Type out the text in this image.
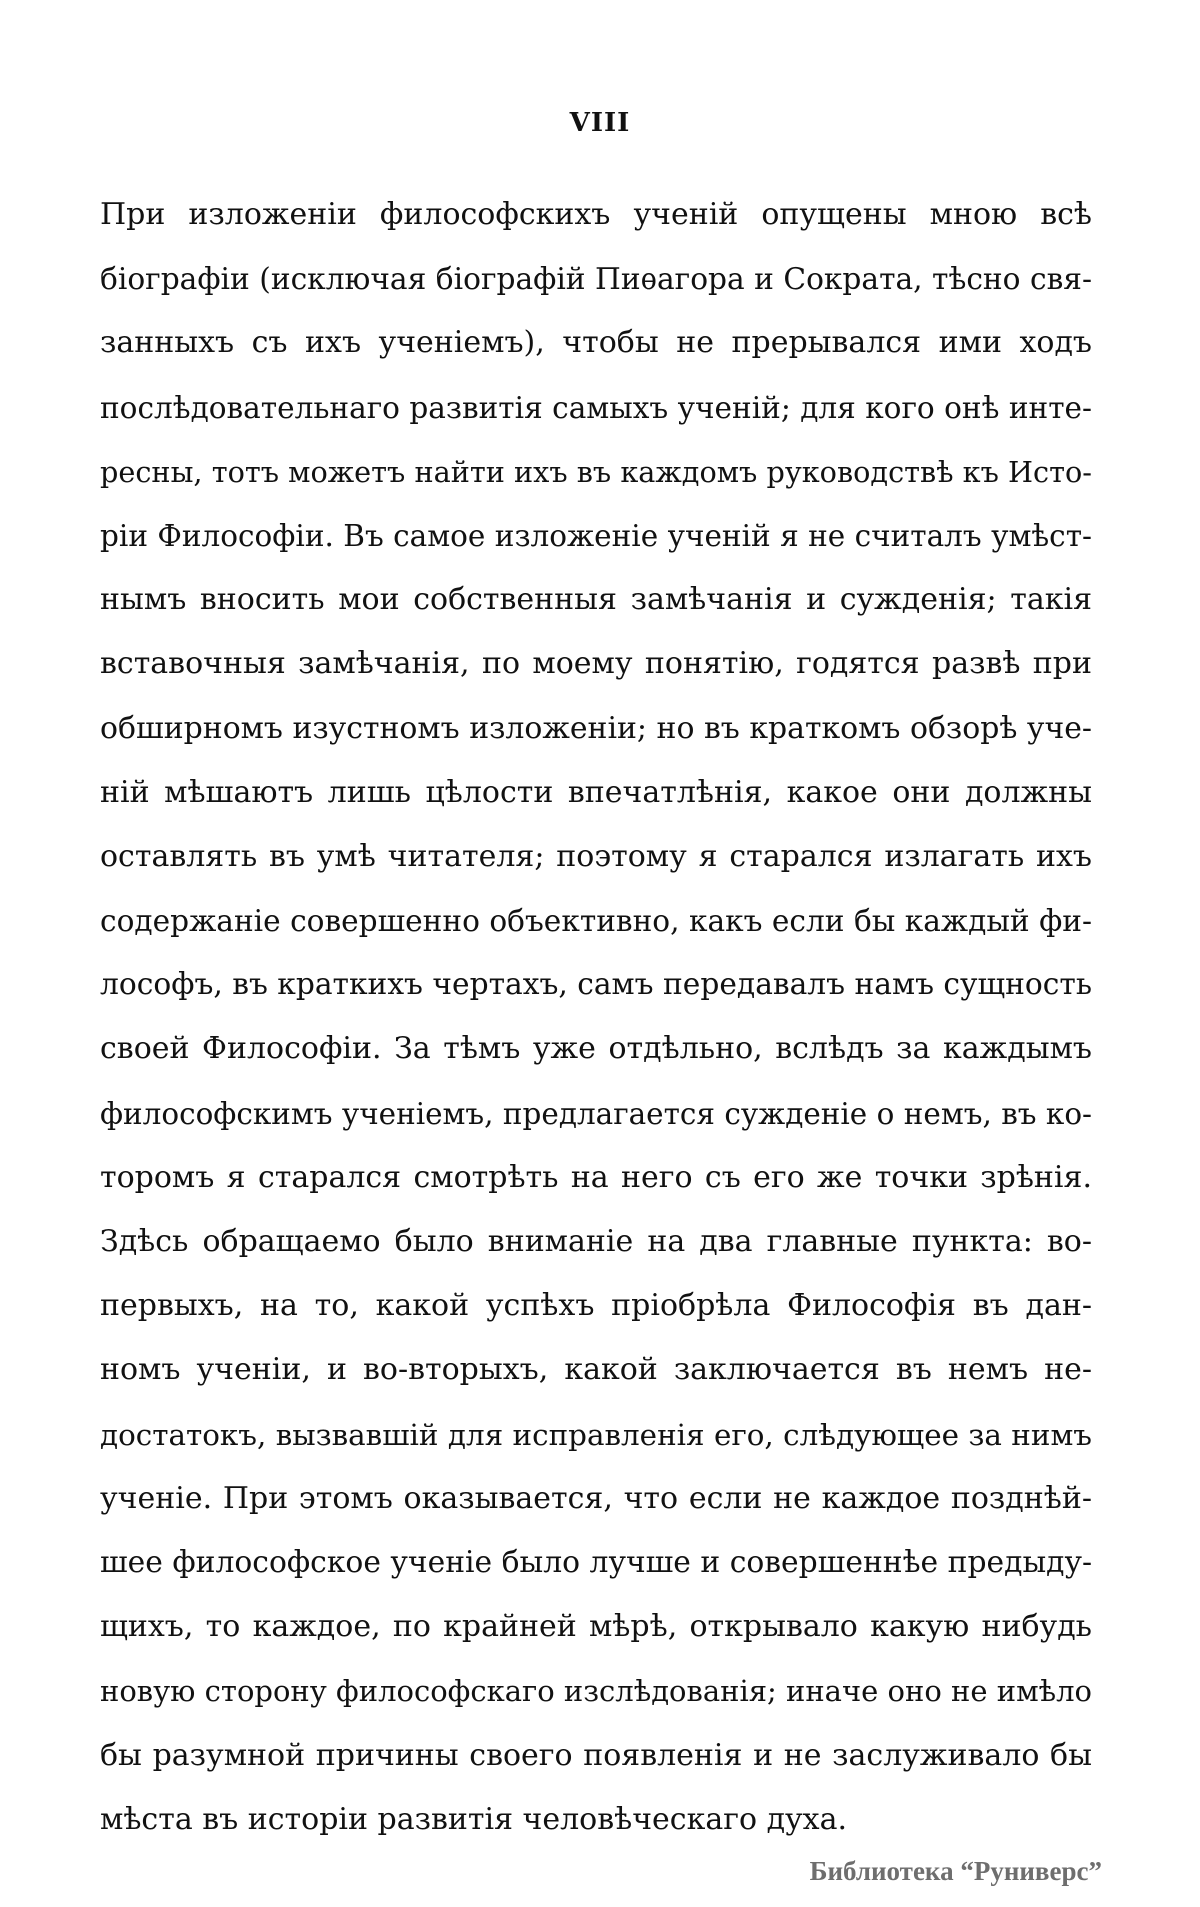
VIII
При изложенiи философскихъ ученiй опущены мною всѣ
бiографiи (исключая бiографiй Пиѳагора и Сократа, тѣсно свя-
занныхъ съ ихъ ученiемъ), чтобы не прерывался ими ходъ
послѣдовательнаго развитiя самыхъ ученiй; для кого онѣ инте-
ресны, тотъ можетъ найти ихъ въ каждомъ руководствѣ къ Исто-
рiи Философiи. Въ самое изложенiе ученiй я не считалъ умѣст-
нымъ вносить мои собственныя замѣчанiя и сужденiя; такiя
вставочныя замѣчанiя, по моему понятiю, годятся развѣ при
обширномъ изустномъ изложенiи; но въ краткомъ обзорѣ уче-
нiй мѣшаютъ лишь цѣлости впечатлѣнiя, какое они должны
оставлять въ умѣ читателя; поэтому я старался излагать ихъ
содержанiе совершенно объективно, какъ если бы каждый фи-
лософъ, въ краткихъ чертахъ, самъ передавалъ намъ сущность
своей Философiи. За тѣмъ уже отдѣльно, вслѣдъ за каждымъ
философскимъ ученiемъ, предлагается сужденiе о немъ, въ ко-
торомъ я старался смотрѣть на него съ его же точки зрѣнiя.
Здѣсь обращаемо было вниманiе на два главные пункта: во-
первыхъ, на то, какой успѣхъ прiобрѣла Философiя въ дан-
номъ ученiи, и во-вторыхъ, какой заключается въ немъ не-
достатокъ, вызвавшiй для исправленiя его, слѣдующее за нимъ
ученiе. При этомъ оказывается, что если не каждое позднѣй-
шее философское ученiе было лучше и совершеннѣе предыду-
щихъ, то каждое, по крайней мѣрѣ, открывало какую нибудь
новую сторону философскаго изслѣдованiя; иначе оно не имѣло
бы разумной причины своего появленiя и не заслуживало бы
мѣста въ исторiи развитiя человѣческаго духа.
Библиотека “Руниверс”
